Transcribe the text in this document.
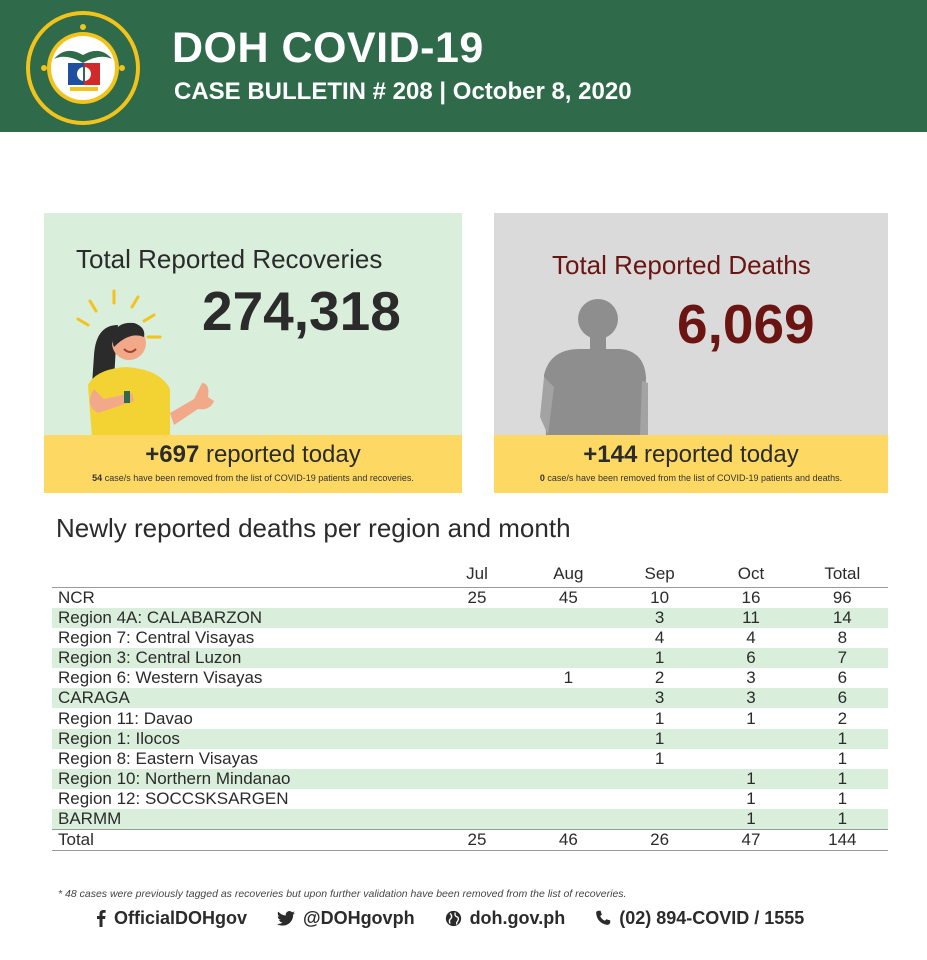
DOH COVID-19
CASE BULLETIN # 208 | October 8, 2020
Total Reported Recoveries
274,318
+697 reported today
54 case/s have been removed from the list of COVID-19 patients and recoveries.
Total Reported Deaths
6,069
+144 reported today
0 case/s have been removed from the list of COVID-19 patients and deaths.
Newly reported deaths per region and month
	Jul	Aug	Sep	Oct	Total
NCR	25	45	10	16	96
Region 4A: CALABARZON			3	11	14
Region 7: Central Visayas			4	4	8
Region 3: Central Luzon			1	6	7
Region 6: Western Visayas		1	2	3	6
CARAGA			3	3	6
Region 11: Davao			1	1	2
Region 1: Ilocos			1		1
Region 8: Eastern Visayas			1		1
Region 10: Northern Mindanao				1	1
Region 12: SOCCSKSARGEN				1	1
BARMM				1	1
Total	25	46	26	47	144
* 48 cases were previously tagged as recoveries but upon further validation have been removed from the list of recoveries.
OfficialDOHgov	@DOHgovph	doh.gov.ph	(02) 894-COVID / 1555
